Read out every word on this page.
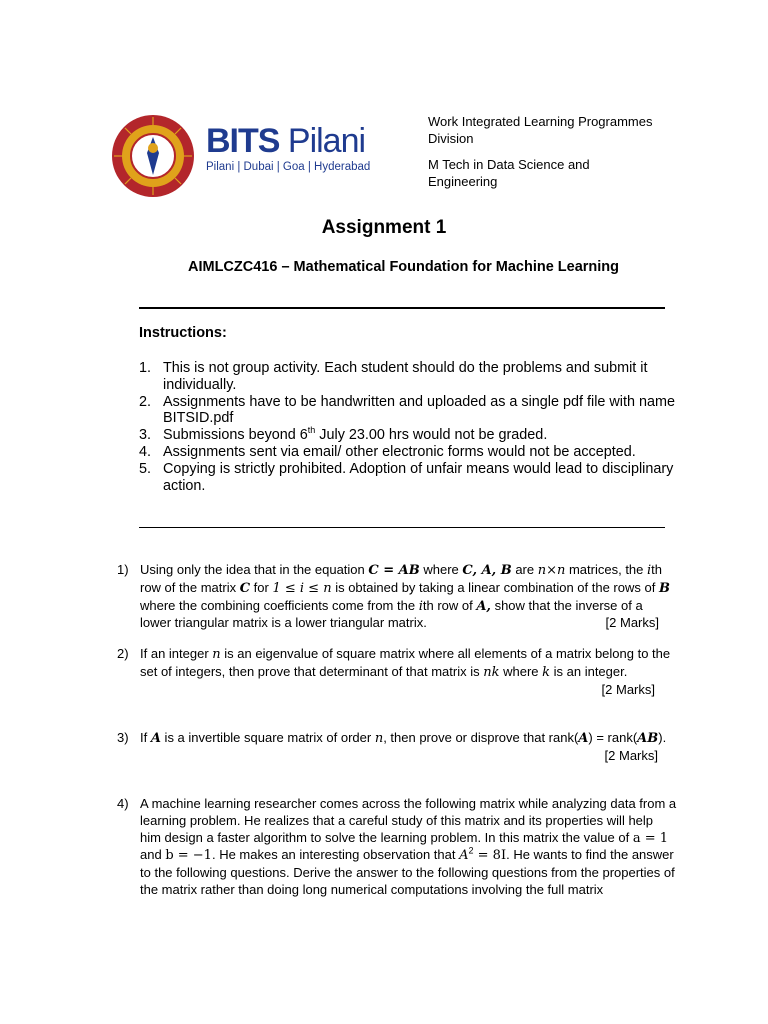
BITS Pilani
Pilani | Dubai | Goa | Hyderabad

Work Integrated Learning Programmes Division

M Tech in Data Science and Engineering

Assignment 1
AIMLCZC416 – Mathematical Foundation for Machine Learning
Instructions:
1. This is not group activity. Each student should do the problems and submit it individually.
2. Assignments have to be handwritten and uploaded as a single pdf file with name BITSID.pdf
3. Submissions beyond 6th July 23.00 hrs would not be graded.
4. Assignments sent via email/ other electronic forms would not be accepted.
5. Copying is strictly prohibited. Adoption of unfair means would lead to disciplinary action.
1) Using only the idea that in the equation C = AB where C, A, B are n×n matrices, the ith row of the matrix C for 1 ≤ i ≤ n is obtained by taking a linear combination of the rows of B where the combining coefficients come from the ith row of A, show that the inverse of a lower triangular matrix is a lower triangular matrix.	[2 Marks]
2) If an integer n is an eigenvalue of square matrix where all elements of a matrix belong to the set of integers, then prove that determinant of that matrix is nk where k is an integer.
[2 Marks]
3) If A is a invertible square matrix of order n, then prove or disprove that rank(A) = rank(AB).
[2 Marks]
4) A machine learning researcher comes across the following matrix while analyzing data from a learning problem. He realizes that a careful study of this matrix and its properties will help him design a faster algorithm to solve the learning problem. In this matrix the value of a = 1 and b = −1. He makes an interesting observation that $A^2 = 8I$. He wants to find the answer to the following questions. Derive the answer to the following questions from the properties of the matrix rather than doing long numerical computations involving the full matrix
